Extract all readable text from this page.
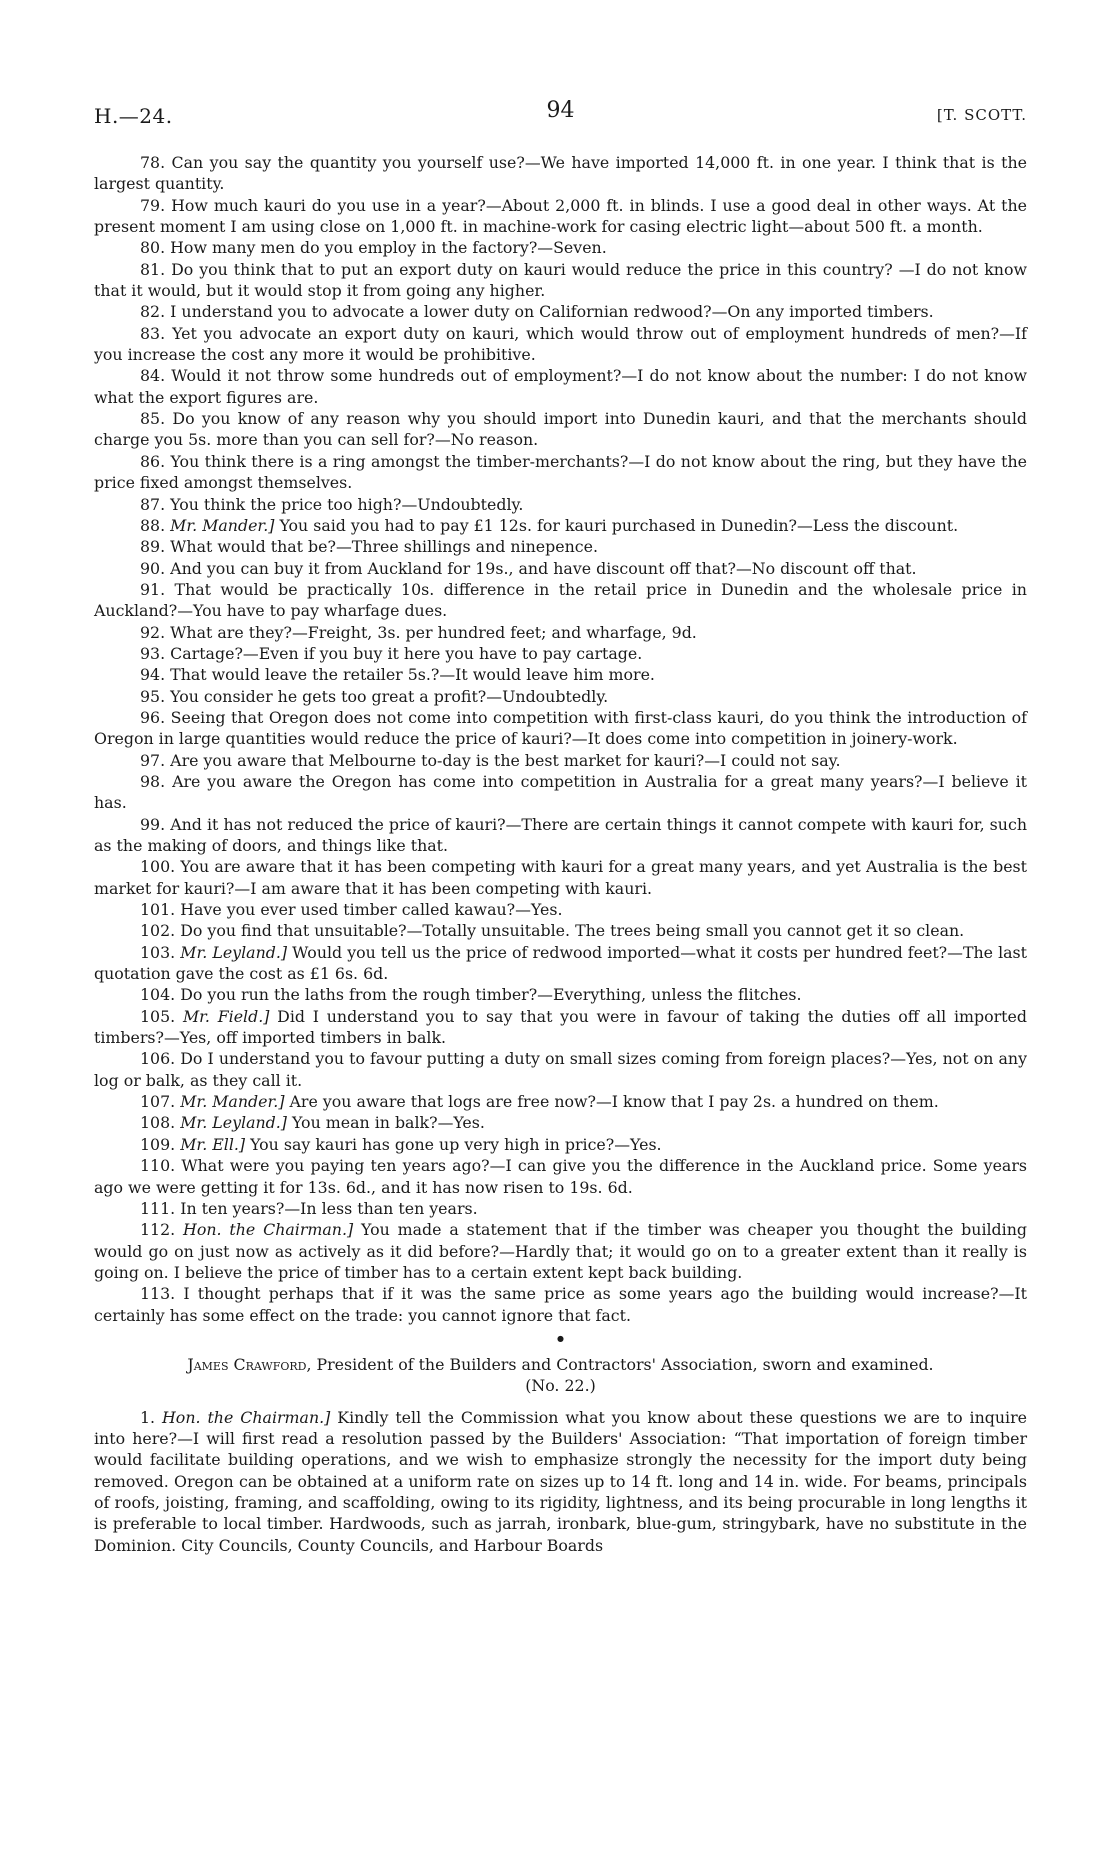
H.—24.	94	[T. SCOTT.

78. Can you say the quantity you yourself use?—We have imported 14,000 ft. in one year. I think that is the largest quantity.

79. How much kauri do you use in a year?—About 2,000 ft. in blinds. I use a good deal in other ways. At the present moment I am using close on 1,000 ft. in machine-work for casing electric light—about 500 ft. a month.

80. How many men do you employ in the factory?—Seven.

81. Do you think that to put an export duty on kauri would reduce the price in this country? —I do not know that it would, but it would stop it from going any higher.

82. I understand you to advocate a lower duty on Californian redwood?—On any imported timbers.

83. Yet you advocate an export duty on kauri, which would throw out of employment hundreds of men?—If you increase the cost any more it would be prohibitive.

84. Would it not throw some hundreds out of employment?—I do not know about the number: I do not know what the export figures are.

85. Do you know of any reason why you should import into Dunedin kauri, and that the merchants should charge you 5s. more than you can sell for?—No reason.

86. You think there is a ring amongst the timber-merchants?—I do not know about the ring, but they have the price fixed amongst themselves.

87. You think the price too high?—Undoubtedly.

88. Mr. Mander.] You said you had to pay £1 12s. for kauri purchased in Dunedin?—Less the discount.

89. What would that be?—Three shillings and ninepence.

90. And you can buy it from Auckland for 19s., and have discount off that?—No discount off that.

91. That would be practically 10s. difference in the retail price in Dunedin and the wholesale price in Auckland?—You have to pay wharfage dues.

92. What are they?—Freight, 3s. per hundred feet; and wharfage, 9d.

93. Cartage?—Even if you buy it here you have to pay cartage.

94. That would leave the retailer 5s.?—It would leave him more.

95. You consider he gets too great a profit?—Undoubtedly.

96. Seeing that Oregon does not come into competition with first-class kauri, do you think the introduction of Oregon in large quantities would reduce the price of kauri?—It does come into competition in joinery-work.

97. Are you aware that Melbourne to-day is the best market for kauri?—I could not say.

98. Are you aware the Oregon has come into competition in Australia for a great many years?—I believe it has.

99. And it has not reduced the price of kauri?—There are certain things it cannot compete with kauri for, such as the making of doors, and things like that.

100. You are aware that it has been competing with kauri for a great many years, and yet Australia is the best market for kauri?—I am aware that it has been competing with kauri.

101. Have you ever used timber called kawau?—Yes.

102. Do you find that unsuitable?—Totally unsuitable. The trees being small you cannot get it so clean.

103. Mr. Leyland.] Would you tell us the price of redwood imported—what it costs per hundred feet?—The last quotation gave the cost as £1 6s. 6d.

104. Do you run the laths from the rough timber?—Everything, unless the flitches.

105. Mr. Field.] Did I understand you to say that you were in favour of taking the duties off all imported timbers?—Yes, off imported timbers in balk.

106. Do I understand you to favour putting a duty on small sizes coming from foreign places?—Yes, not on any log or balk, as they call it.

107. Mr. Mander.] Are you aware that logs are free now?—I know that I pay 2s. a hundred on them.

108. Mr. Leyland.] You mean in balk?—Yes.

109. Mr. Ell.] You say kauri has gone up very high in price?—Yes.

110. What were you paying ten years ago?—I can give you the difference in the Auckland price. Some years ago we were getting it for 13s. 6d., and it has now risen to 19s. 6d.

111. In ten years?—In less than ten years.

112. Hon. the Chairman.] You made a statement that if the timber was cheaper you thought the building would go on just now as actively as it did before?—Hardly that; it would go on to a greater extent than it really is going on. I believe the price of timber has to a certain extent kept back building.

113. I thought perhaps that if it was the same price as some years ago the building would increase?—It certainly has some effect on the trade: you cannot ignore that fact.

●

James Crawford, President of the Builders and Contractors' Association, sworn and examined.

(No. 22.)

1. Hon. the Chairman.] Kindly tell the Commission what you know about these questions we are to inquire into here?—I will first read a resolution passed by the Builders' Association: “That importation of foreign timber would facilitate building operations, and we wish to emphasize strongly the necessity for the import duty being removed. Oregon can be obtained at a uniform rate on sizes up to 14 ft. long and 14 in. wide. For beams, principals of roofs, joisting, framing, and scaffolding, owing to its rigidity, lightness, and its being procurable in long lengths it is preferable to local timber. Hardwoods, such as jarrah, ironbark, blue-gum, stringybark, have no substitute in the Dominion. City Councils, County Councils, and Harbour Boards
